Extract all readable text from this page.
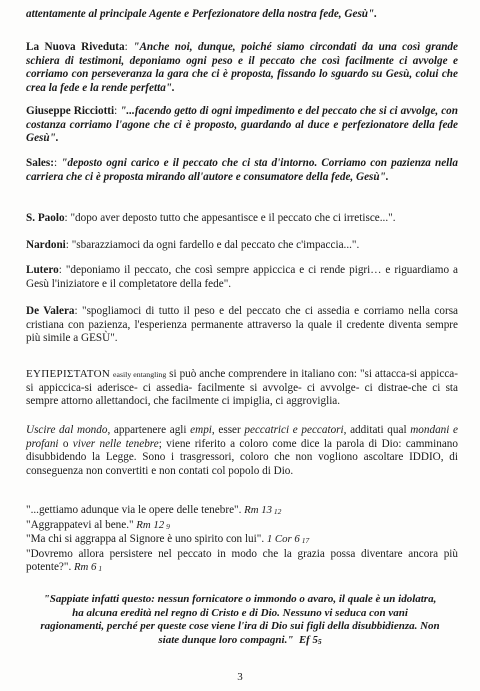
attentamente al principale Agente e Perfezionatore della nostra fede, Gesù".

La Nuova Riveduta: "Anche noi, dunque, poiché siamo circondati da una così grande schiera di testimoni, deponiamo ogni peso e il peccato che così facilmente ci avvolge e corriamo con perseveranza la gara che ci è proposta, fissando lo sguardo su Gesù, colui che crea la fede e la rende perfetta".

Giuseppe Ricciotti: "...facendo getto di ogni impedimento e del peccato che si ci avvolge, con costanza corriamo l'agone che ci è proposto, guardando al duce e perfezionatore della fede Gesù".

Sales:: "deposto ogni carico e il peccato che ci sta d'intorno. Corriamo con pazienza nella carriera che ci è proposta mirando all'autore e consumatore della fede, Gesù".

S. Paolo: "dopo aver deposto tutto che appesantisce e il peccato che ci irretisce...".

Nardoni: "sbarazziamoci da ogni fardello e dal peccato che c'impaccia...".

Lutero: "deponiamo il peccato, che così sempre appiccica e ci rende pigri… e riguardiamo a Gesù l'iniziatore e il completatore della fede".

De Valera: "spogliamoci di tutto il peso e del peccato che ci assedia e corriamo nella corsa cristiana con pazienza, l'esperienza permanente attraverso la quale il credente diventa sempre più simile a GESÙ".

ΕΥΠΕΡΙΣΤΑΤΟΝ easily entangling si può anche comprendere in italiano con: "si attacca-si appicca-si appiccica-si aderisce- ci assedia- facilmente si avvolge- ci avvolge- ci distrae-che ci sta sempre attorno allettandoci, che facilmente ci impiglia, ci aggroviglia.

Uscire dal mondo, appartenere agli empi, esser peccatrici e peccatori, additati qual mondani e profani o viver nelle tenebre; viene riferito a coloro come dice la parola di Dio: camminano disubbidendo la Legge. Sono i trasgressori, coloro che non vogliono ascoltare IDDIO, di conseguenza non convertiti e non contati col popolo di Dio.

"...gettiamo adunque via le opere delle tenebre". Rm 13 12

"Aggrappatevi al bene." Rm 12 9

"Ma chi si aggrappa al Signore è uno spirito con lui". 1 Cor 6 17

"Dovremo allora persistere nel peccato in modo che la grazia possa diventare ancora più potente?". Rm 6 1

"Sappiate infatti questo: nessun fornicatore o immondo o avaro, il quale è un idolatra, ha alcuna eredità nel regno di Cristo e di Dio. Nessuno vi seduca con vani ragionamenti, perché per queste cose viene l'ira di Dio sui figli della disubbidienza. Non siate dunque loro compagni." Ef 55

3
